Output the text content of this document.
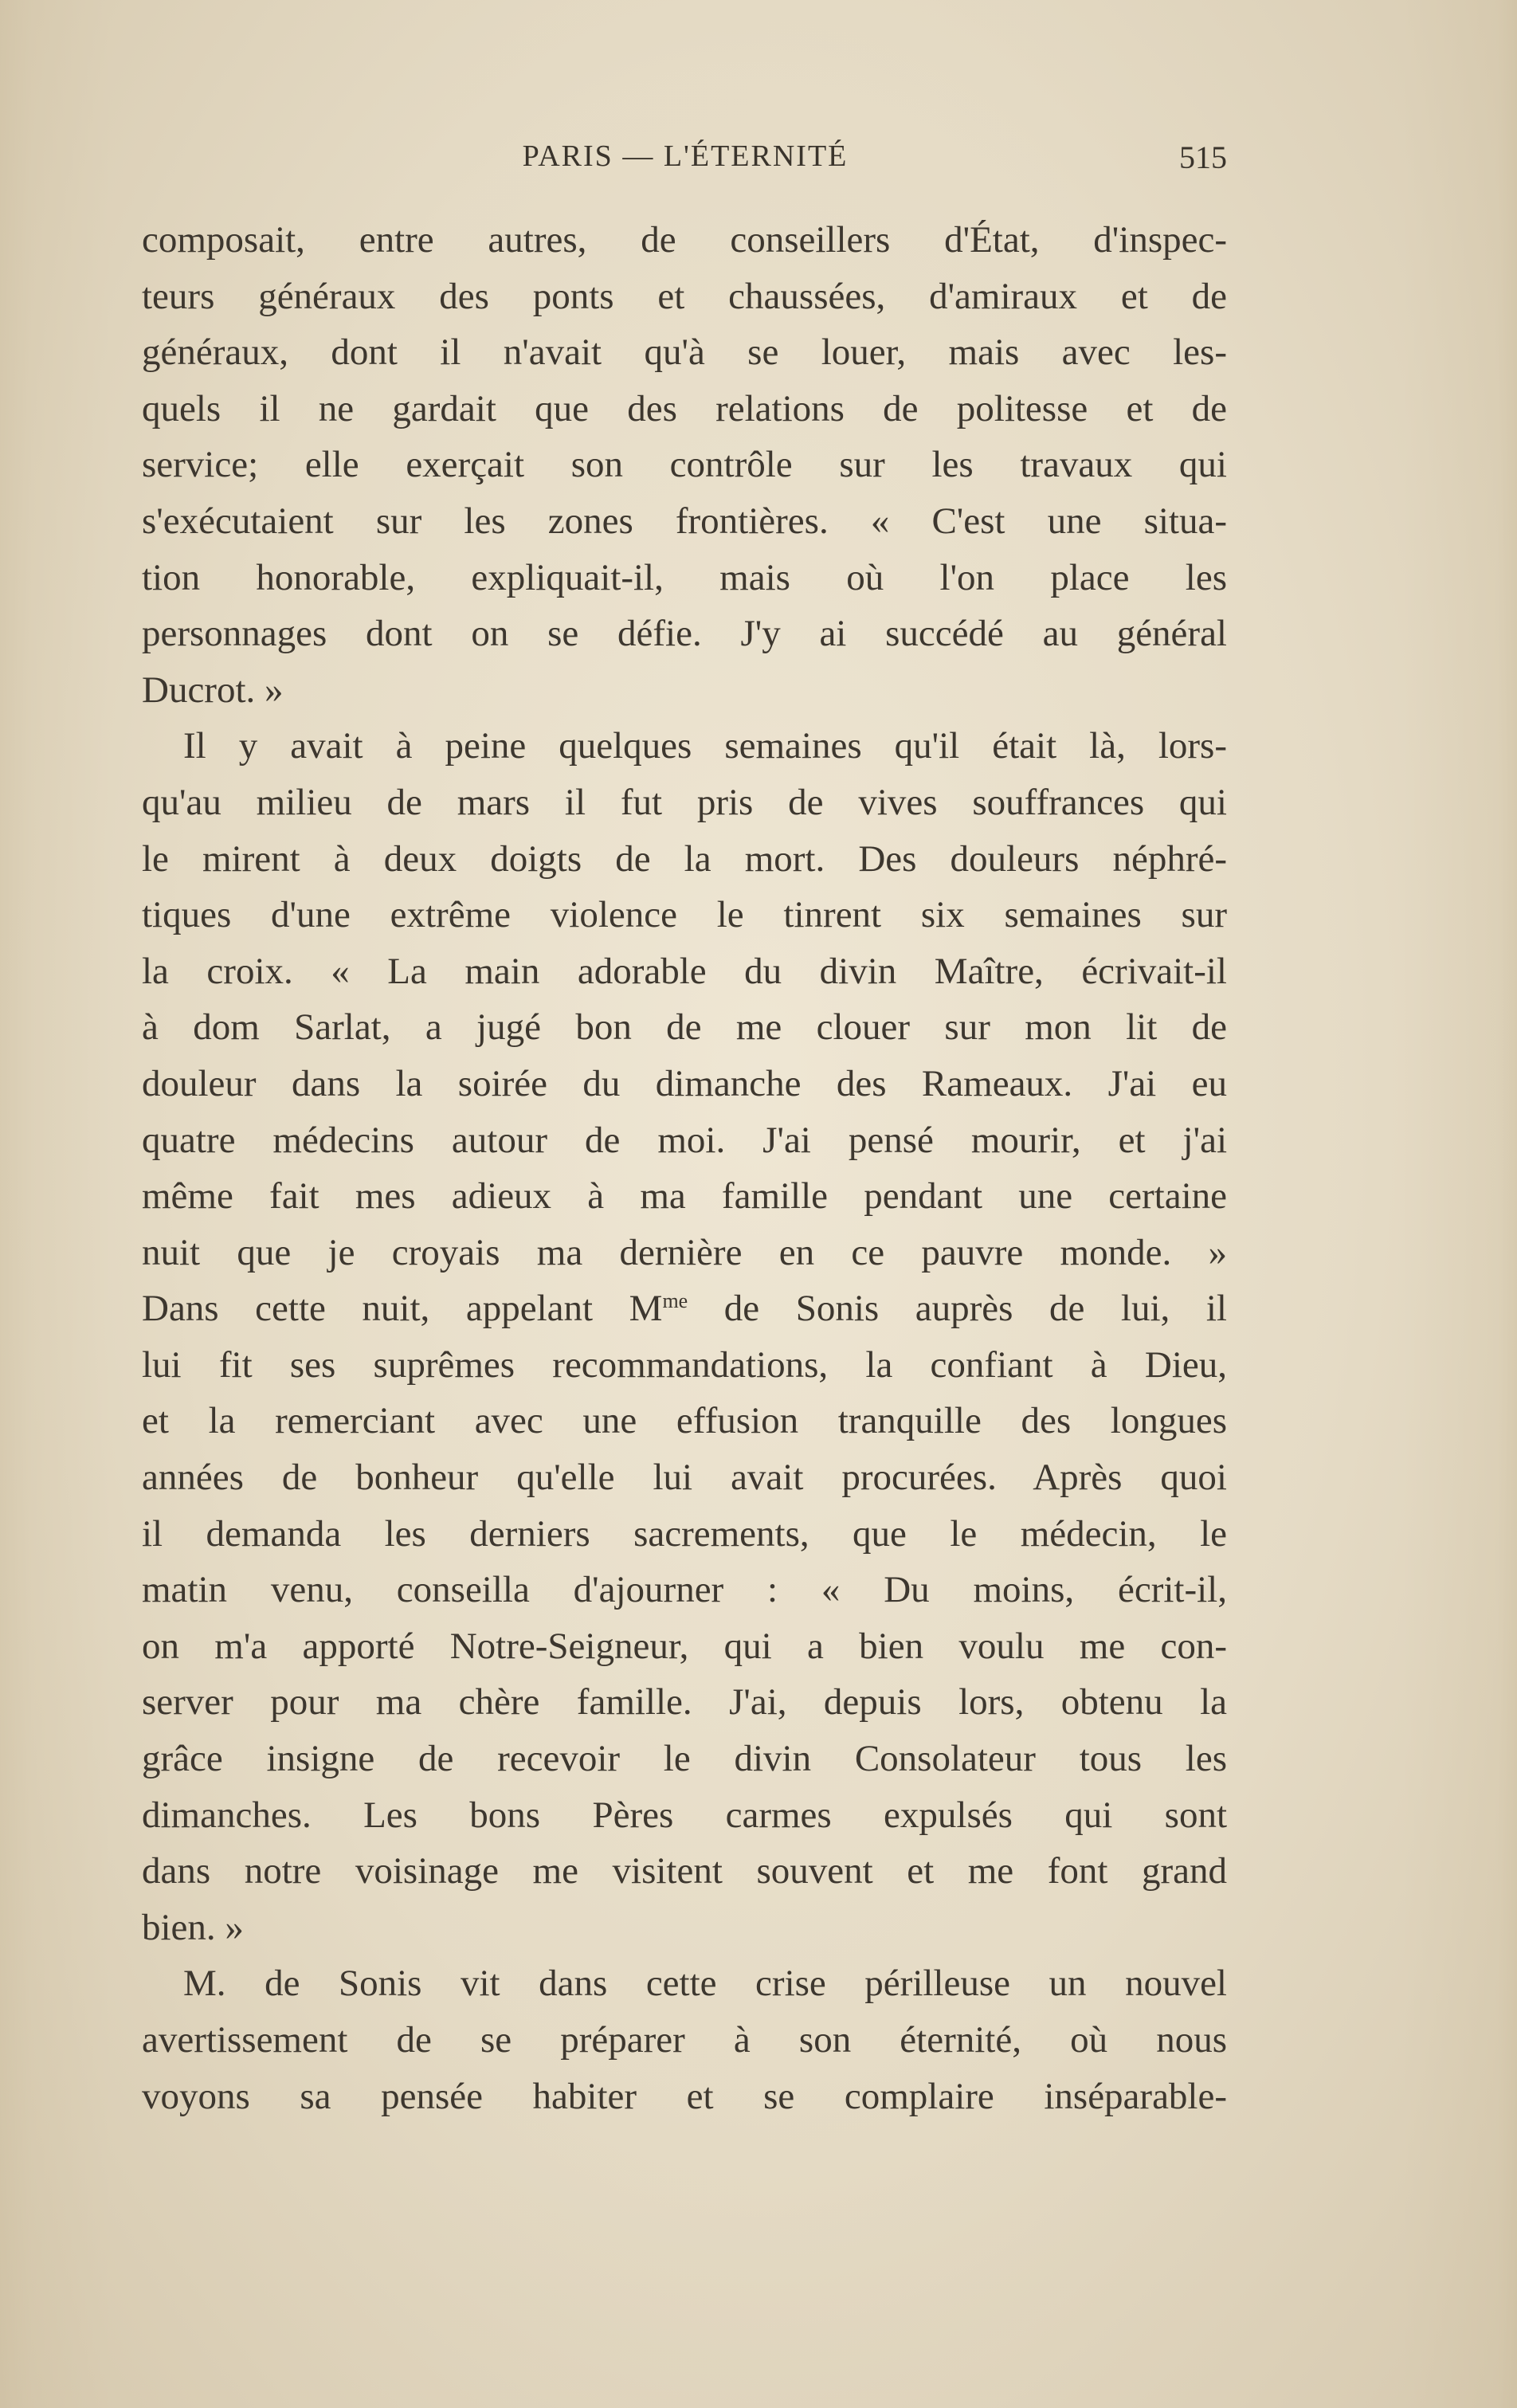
PARIS — L'ÉTERNITÉ	515
composait, entre autres, de conseillers d'État, d'inspec-
teurs généraux des ponts et chaussées, d'amiraux et de
généraux, dont il n'avait qu'à se louer, mais avec les-
quels il ne gardait que des relations de politesse et de
service; elle exerçait son contrôle sur les travaux qui
s'exécutaient sur les zones frontières. « C'est une situa-
tion honorable, expliquait-il, mais où l'on place les
personnages dont on se défie. J'y ai succédé au général
Ducrot. »
Il y avait à peine quelques semaines qu'il était là, lors-
qu'au milieu de mars il fut pris de vives souffrances qui
le mirent à deux doigts de la mort. Des douleurs néphré-
tiques d'une extrême violence le tinrent six semaines sur
la croix. « La main adorable du divin Maître, écrivait-il
à dom Sarlat, a jugé bon de me clouer sur mon lit de
douleur dans la soirée du dimanche des Rameaux. J'ai eu
quatre médecins autour de moi. J'ai pensé mourir, et j'ai
même fait mes adieux à ma famille pendant une certaine
nuit que je croyais ma dernière en ce pauvre monde. »
Dans cette nuit, appelant $M^{me}$ de Sonis auprès de lui, il
lui fit ses suprêmes recommandations, la confiant à Dieu,
et la remerciant avec une effusion tranquille des longues
années de bonheur qu'elle lui avait procurées. Après quoi
il demanda les derniers sacrements, que le médecin, le
matin venu, conseilla d'ajourner : « Du moins, écrit-il,
on m'a apporté Notre-Seigneur, qui a bien voulu me con-
server pour ma chère famille. J'ai, depuis lors, obtenu la
grâce insigne de recevoir le divin Consolateur tous les
dimanches. Les bons Pères carmes expulsés qui sont
dans notre voisinage me visitent souvent et me font grand
bien. »
M. de Sonis vit dans cette crise périlleuse un nouvel
avertissement de se préparer à son éternité, où nous
voyons sa pensée habiter et se complaire inséparable-
